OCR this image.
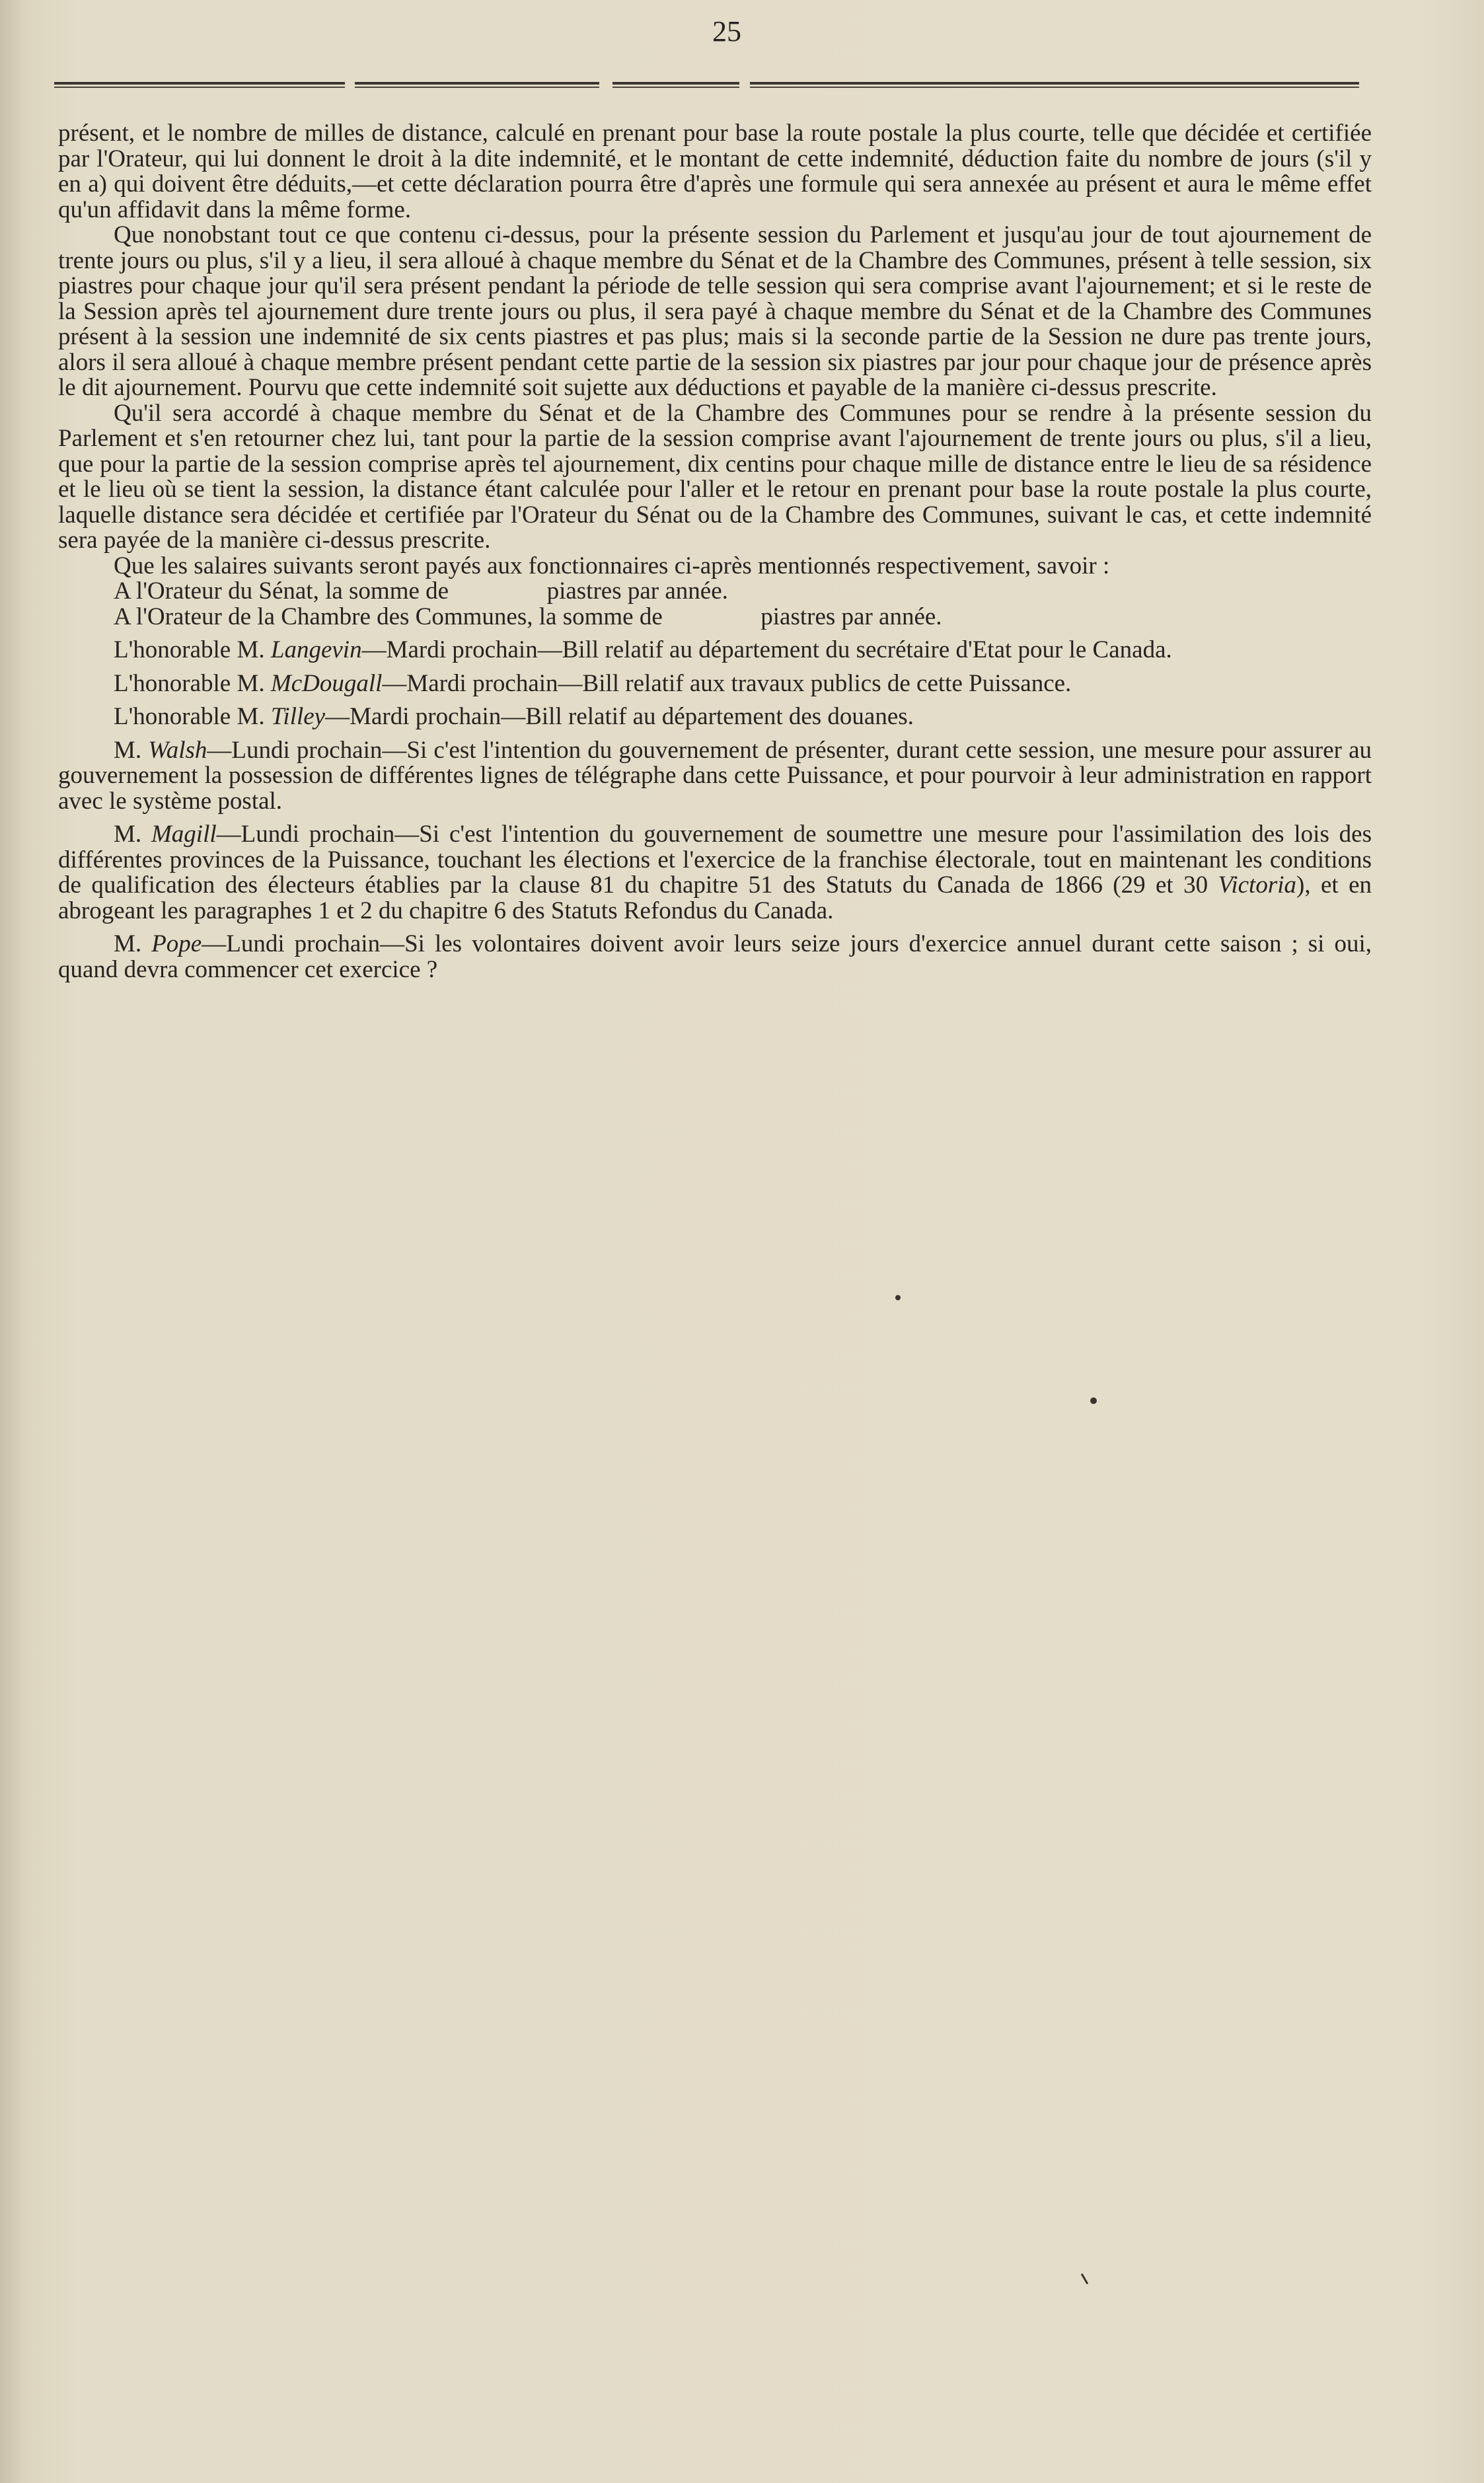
25

présent, et le nombre de milles de distance, calculé en prenant pour base la route postale la plus courte, telle que décidée et certifiée par l'Orateur, qui lui donnent le droit à la dite indemnité, et le montant de cette indemnité, déduction faite du nombre de jours (s'il y en a) qui doivent être déduits,—et cette déclaration pourra être d'après une formule qui sera annexée au présent et aura le même effet qu'un affidavit dans la même forme.

Que nonobstant tout ce que contenu ci-dessus, pour la présente session du Parlement et jusqu'au jour de tout ajournement de trente jours ou plus, s'il y a lieu, il sera alloué à chaque membre du Sénat et de la Chambre des Communes, présent à telle session, six piastres pour chaque jour qu'il sera présent pendant la période de telle session qui sera comprise avant l'ajournement; et si le reste de la Session après tel ajournement dure trente jours ou plus, il sera payé à chaque membre du Sénat et de la Chambre des Communes présent à la session une indemnité de six cents piastres et pas plus; mais si la seconde partie de la Session ne dure pas trente jours, alors il sera alloué à chaque membre présent pendant cette partie de la session six piastres par jour pour chaque jour de présence après le dit ajournement. Pourvu que cette indemnité soit sujette aux déductions et payable de la manière ci-dessus prescrite.

Qu'il sera accordé à chaque membre du Sénat et de la Chambre des Communes pour se rendre à la présente session du Parlement et s'en retourner chez lui, tant pour la partie de la session comprise avant l'ajournement de trente jours ou plus, s'il a lieu, que pour la partie de la session comprise après tel ajournement, dix centins pour chaque mille de distance entre le lieu de sa résidence et le lieu où se tient la session, la distance étant calculée pour l'aller et le retour en prenant pour base la route postale la plus courte, laquelle distance sera décidée et certifiée par l'Orateur du Sénat ou de la Chambre des Communes, suivant le cas, et cette indemnité sera payée de la manière ci-dessus prescrite.

Que les salaires suivants seront payés aux fonctionnaires ci-après mentionnés respectivement, savoir :

A l'Orateur du Sénat, la somme de	piastres par année.

A l'Orateur de la Chambre des Communes, la somme de	piastres par année.

L'honorable M. Langevin—Mardi prochain—Bill relatif au département du secrétaire d'Etat pour le Canada.

L'honorable M. McDougall—Mardi prochain—Bill relatif aux travaux publics de cette Puissance.

L'honorable M. Tilley—Mardi prochain—Bill relatif au département des douanes.

M. Walsh—Lundi prochain—Si c'est l'intention du gouvernement de présenter, durant cette session, une mesure pour assurer au gouvernement la possession de différentes lignes de télégraphe dans cette Puissance, et pour pourvoir à leur administration en rapport avec le système postal.

M. Magill—Lundi prochain—Si c'est l'intention du gouvernement de soumettre une mesure pour l'assimilation des lois des différentes provinces de la Puissance, touchant les élections et l'exercice de la franchise électorale, tout en maintenant les conditions de qualification des électeurs établies par la clause 81 du chapitre 51 des Statuts du Canada de 1866 (29 et 30 Victoria), et en abrogeant les paragraphes 1 et 2 du chapitre 6 des Statuts Refondus du Canada.

M. Pope—Lundi prochain—Si les volontaires doivent avoir leurs seize jours d'exercice annuel durant cette saison ; si oui, quand devra commencer cet exercice ?
